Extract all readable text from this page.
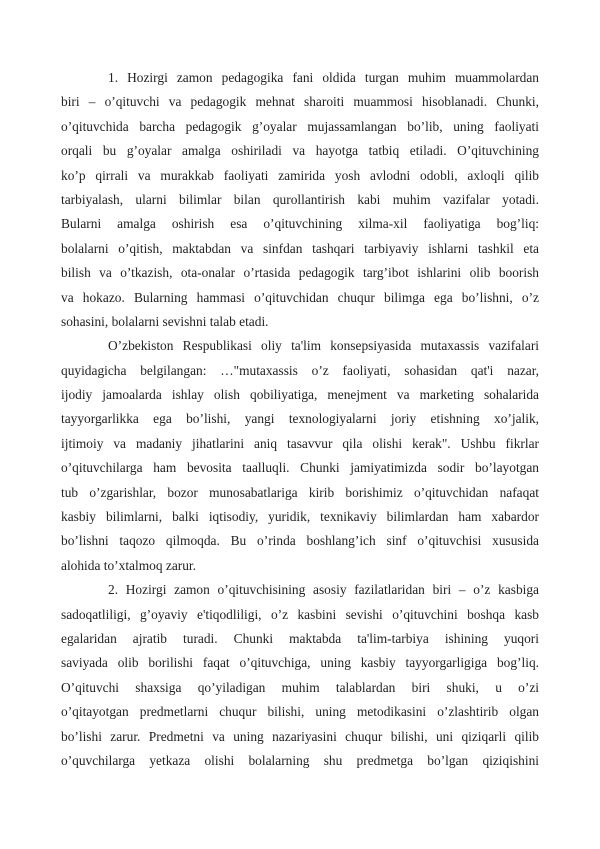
1. Hozirgi zamon pedagogika fani oldida turgan muhim muammolardan
biri – o’qituvchi va pedagogik mehnat sharoiti muammosi hisoblanadi. Chunki,
o’qituvchida barcha pedagogik g’oyalar mujassamlangan bo’lib, uning faoliyati
orqali bu g’oyalar amalga oshiriladi va hayotga tatbiq etiladi. O’qituvchining
ko’p qirrali va murakkab faoliyati zamirida yosh avlodni odobli, axloqli qilib
tarbiyalash, ularni bilimlar bilan qurollantirish kabi muhim vazifalar yotadi.
Bularni amalga oshirish esa o’qituvchining xilma-xil faoliyatiga bog’liq:
bolalarni o’qitish, maktabdan va sinfdan tashqari tarbiyaviy ishlarni tashkil eta
bilish va o’tkazish, ota-onalar o’rtasida pedagogik targ’ibot ishlarini olib boorish
va hokazo. Bularning hammasi o’qituvchidan chuqur bilimga ega bo’lishni, o’z
sohasini, bolalarni sevishni talab etadi.
O’zbekiston Respublikasi oliy ta'lim konsepsiyasida mutaxassis vazifalari
quyidagicha belgilangan: …"mutaxassis o’z faoliyati, sohasidan qat'i nazar,
ijodiy jamoalarda ishlay olish qobiliyatiga, menejment va marketing sohalarida
tayyorgarlikka ega bo’lishi, yangi texnologiyalarni joriy etishning xo’jalik,
ijtimoiy va madaniy jihatlarini aniq tasavvur qila olishi kerak". Ushbu fikrlar
o’qituvchilarga ham bevosita taalluqli. Chunki jamiyatimizda sodir bo’layotgan
tub o’zgarishlar, bozor munosabatlariga kirib borishimiz o’qituvchidan nafaqat
kasbiy bilimlarni, balki iqtisodiy, yuridik, texnikaviy bilimlardan ham xabardor
bo’lishni taqozo qilmoqda. Bu o’rinda boshlang’ich sinf o’qituvchisi xususida
alohida to’xtalmoq zarur.
2. Hozirgi zamon o’qituvchisining asosiy fazilatlaridan biri – o’z kasbiga
sadoqatliligi, g’oyaviy e'tiqodliligi, o’z kasbini sevishi o’qituvchini boshqa kasb
egalaridan ajratib turadi. Chunki maktabda ta'lim-tarbiya ishining yuqori
saviyada olib borilishi faqat o’qituvchiga, uning kasbiy tayyorgarligiga bog’liq.
O’qituvchi shaxsiga qo’yiladigan muhim talablardan biri shuki, u o’zi
o’qitayotgan predmetlarni chuqur bilishi, uning metodikasini o’zlashtirib olgan
bo’lishi zarur. Predmetni va uning nazariyasini chuqur bilishi, uni qiziqarli qilib
o’quvchilarga yetkaza olishi bolalarning shu predmetga bo’lgan qiziqishini
